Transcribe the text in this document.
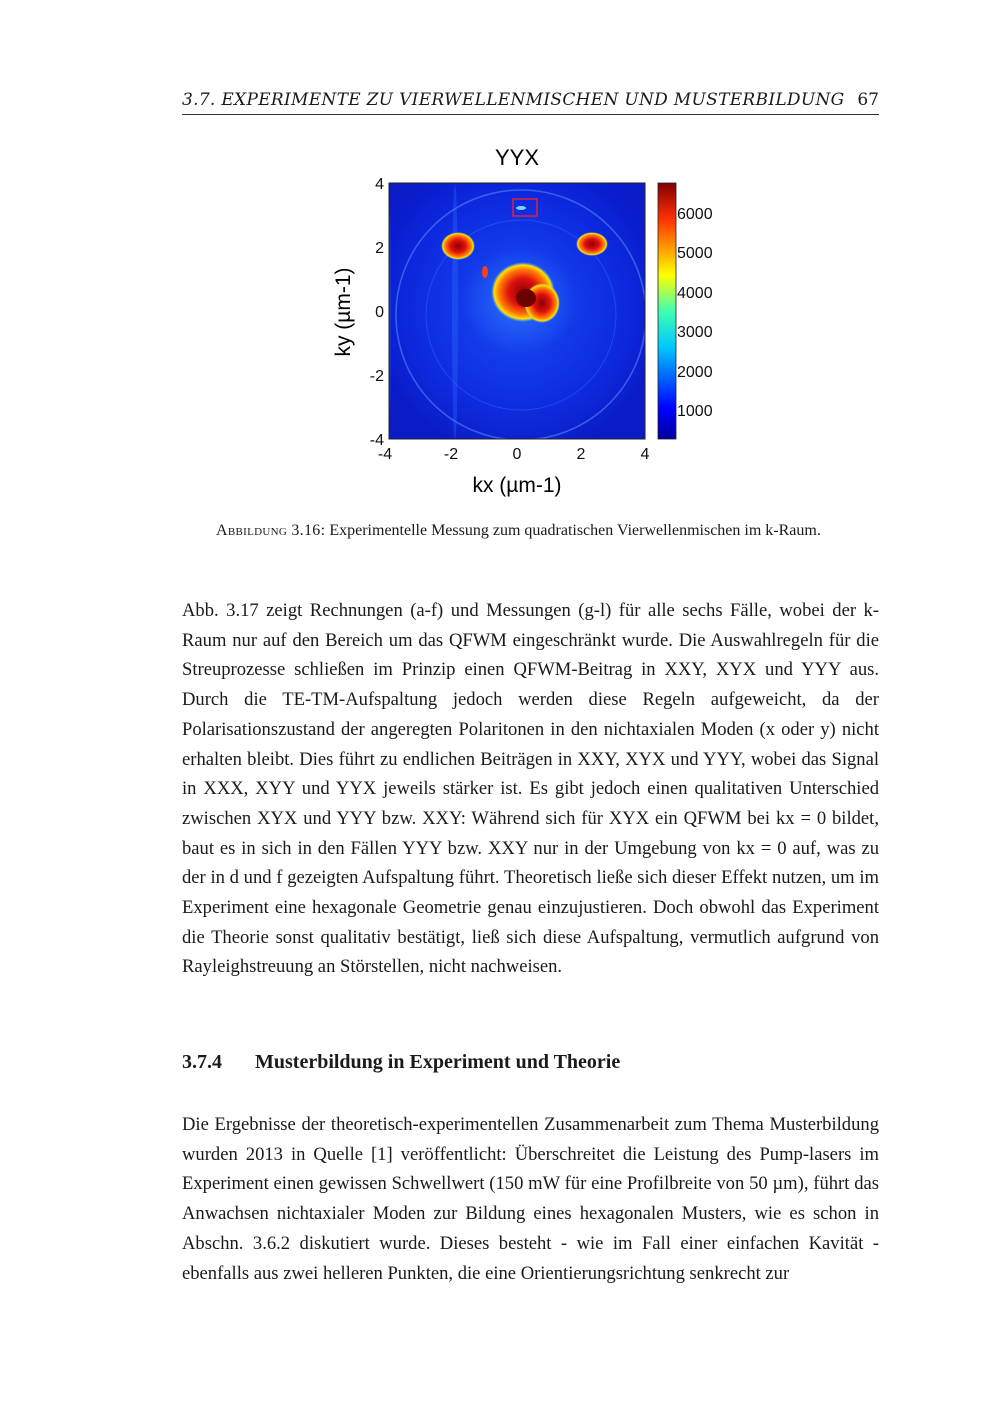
3.7. EXPERIMENTE ZU VIERWELLENMISCHEN UND MUSTERBILDUNG 67
YYX
4
2
0
-2
-4
-4	-2	0	2	4
kx (µm-1)
ky (µm-1)
6000
5000
4000
3000
2000
1000
Abbildung 3.16: Experimentelle Messung zum quadratischen Vierwellenmischen im k-Raum.
Abb. 3.17 zeigt Rechnungen (a-f) und Messungen (g-l) für alle sechs Fälle, wobei der k-Raum nur auf den Bereich um das QFWM eingeschränkt wurde. Die Auswahlregeln für die Streuprozesse schließen im Prinzip einen QFWM-Beitrag in XXY, XYX und YYY aus. Durch die TE-TM-Aufspaltung jedoch werden diese Regeln aufgeweicht, da der Polarisationszustand der angeregten Polaritonen in den nichtaxialen Moden (x oder y) nicht erhalten bleibt. Dies führt zu endlichen Beiträgen in XXY, XYX und YYY, wobei das Signal in XXX, XYY und YYX jeweils stärker ist. Es gibt jedoch einen qualitativen Unterschied zwischen XYX und YYY bzw. XXY: Während sich für XYX ein QFWM bei kx = 0 bildet, baut es in sich in den Fällen YYY bzw. XXY nur in der Umgebung von kx = 0 auf, was zu der in d und f gezeigten Aufspaltung führt. Theoretisch ließe sich dieser Effekt nutzen, um im Experiment eine hexagonale Geometrie genau einzujustieren. Doch obwohl das Experiment die Theorie sonst qualitativ bestätigt, ließ sich diese Aufspaltung, vermutlich aufgrund von Rayleighstreuung an Störstellen, nicht nachweisen.
3.7.4 Musterbildung in Experiment und Theorie
Die Ergebnisse der theoretisch-experimentellen Zusammenarbeit zum Thema Musterbildung wurden 2013 in Quelle [1] veröffentlicht: Überschreitet die Leistung des Pump-lasers im Experiment einen gewissen Schwellwert (150 mW für eine Profilbreite von 50 µm), führt das Anwachsen nichtaxialer Moden zur Bildung eines hexagonalen Musters, wie es schon in Abschn. 3.6.2 diskutiert wurde. Dieses besteht - wie im Fall einer einfachen Kavität - ebenfalls aus zwei helleren Punkten, die eine Orientierungsrichtung senkrecht zur
